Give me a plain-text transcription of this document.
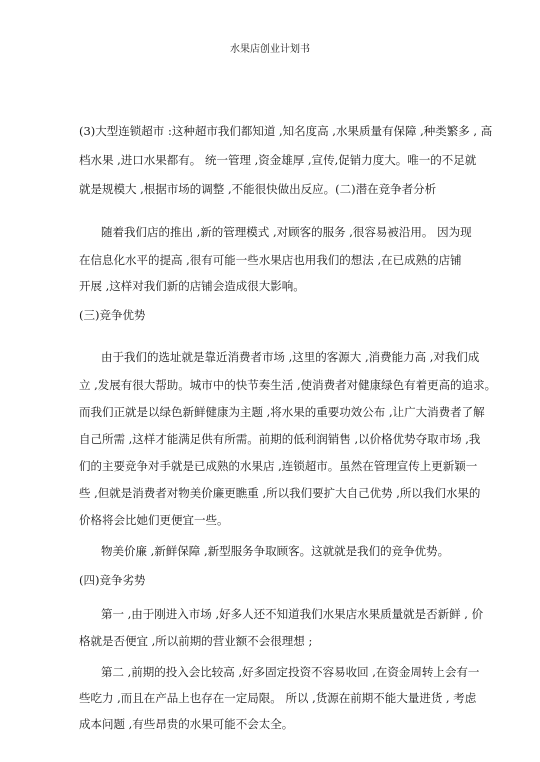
水果店创业计划书
(3)大型连锁超市 :这种超市我们都知道 ,知名度高 ,水果质量有保障 ,种类繁多 , 高
档水果 ,进口水果都有。 统一管理 ,资金雄厚 ,宣传,促销力度大。唯一的不足就
就是规模大 ,根据市场的调整 ,不能很快做出反应。(二)潜在竞争者分析
随着我们店的推出 ,新的管理模式 ,对顾客的服务 ,很容易被沿用。 因为现
在信息化水平的提高 ,很有可能一些水果店也用我们的想法 ,在已成熟的店铺
开展 ,这样对我们新的店铺会造成很大影响。
(三)竞争优势
由于我们的选址就是靠近消费者市场 ,这里的客源大 ,消费能力高 ,对我们成
立 ,发展有很大帮助。城市中的快节奏生活 ,使消费者对健康绿色有着更高的追求。
而我们正就是以绿色新鲜健康为主题 ,将水果的重要功效公布 ,让广大消费者了解
自己所需 ,这样才能满足供有所需。前期的低利润销售 ,以价格优势夺取市场 ,我
们的主要竞争对手就是已成熟的水果店 ,连锁超市。虽然在管理宣传上更新颖一
些 ,但就是消费者对物美价廉更瞧重 ,所以我们要扩大自己优势 ,所以我们水果的
价格将会比她们更便宜一些。
物美价廉 ,新鲜保障 ,新型服务争取顾客。这就就是我们的竞争优势。
(四)竞争劣势
第一 ,由于刚进入市场 ,好多人还不知道我们水果店水果质量就是否新鲜 , 价
格就是否便宜 ,所以前期的营业额不会很理想 ;
第二 ,前期的投入会比较高 ,好多固定投资不容易收回 ,在资金周转上会有一
些吃力 ,而且在产品上也存在一定局限。 所以 ,货源在前期不能大量进货 , 考虑
成本问题 ,有些昂贵的水果可能不会太全。
